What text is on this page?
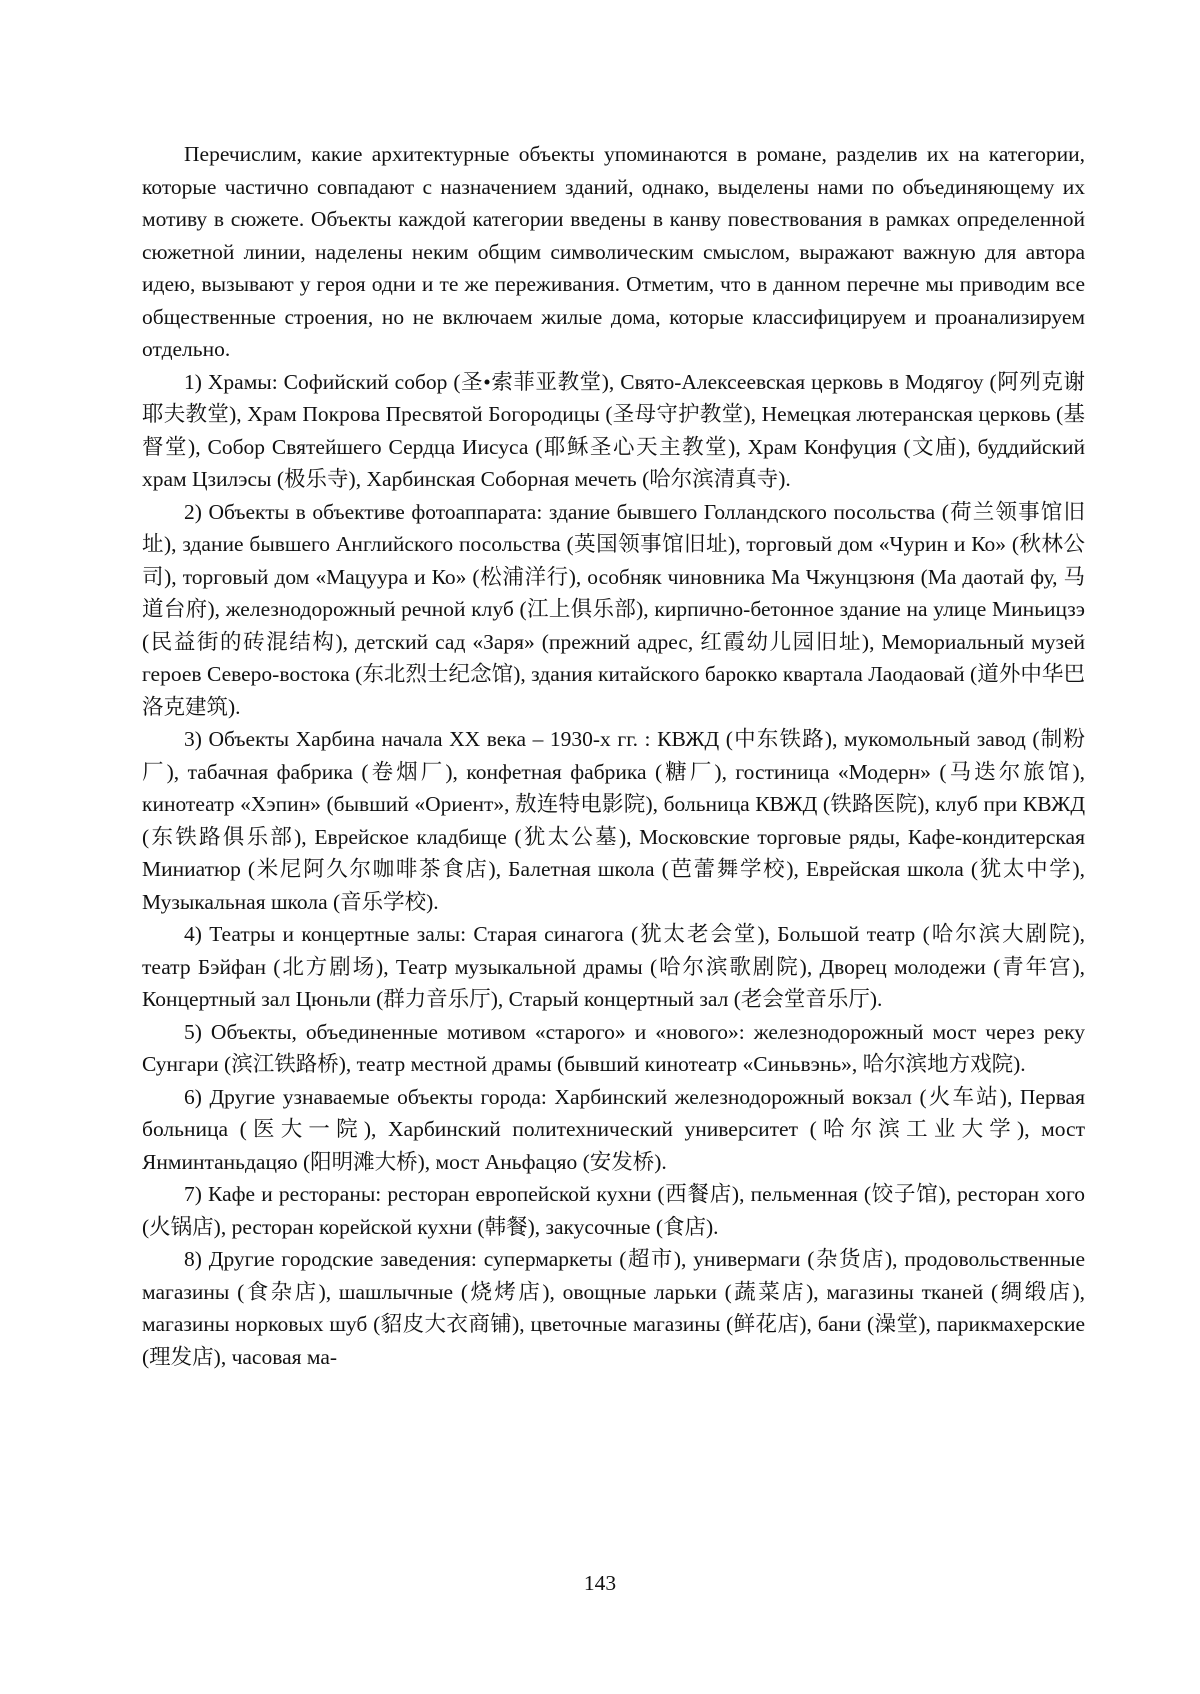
Перечислим, какие архитектурные объекты упоминаются в романе, разделив их на категории, которые частично совпадают с назначением зданий, однако, выделены нами по объединяющему их мотиву в сюжете. Объекты каждой категории введены в канву повествования в рамках определенной сюжетной линии, наделены неким общим символическим смыслом, выражают важную для автора идею, вызывают у героя одни и те же переживания. Отметим, что в данном перечне мы приводим все общественные строения, но не включаем жилые дома, которые классифицируем и проанализируем отдельно.

1) Храмы: Софийский собор (圣•索菲亚教堂), Свято-Алексеевская церковь в Модягоу (阿列克谢耶夫教堂), Храм Покрова Пресвятой Богородицы (圣母守护教堂), Немецкая лютеранская церковь (基督堂), Собор Святейшего Сердца Иисуса (耶稣圣心天主教堂), Храм Конфуция (文庙), буддийский храм Цзилэсы (极乐寺), Харбинская Соборная мечеть (哈尔滨清真寺).

2) Объекты в объективе фотоаппарата: здание бывшего Голландского посольства (荷兰领事馆旧址), здание бывшего Английского посольства (英国领事馆旧址), торговый дом «Чурин и Ко» (秋林公司), торговый дом «Мацуура и Ко» (松浦洋行), особняк чиновника Ма Чжунцзюня (Ма даотай фу, 马道台府), железнодорожный речной клуб (江上俱乐部), кирпично-бетонное здание на улице Миньицзэ (民益街的砖混结构), детский сад «Заря» (прежний адрес, 红霞幼儿园旧址), Мемориальный музей героев Северо-востока (东北烈士纪念馆), здания китайского барокко квартала Лаодаовай (道外中华巴洛克建筑).

3) Объекты Харбина начала XX века – 1930-х гг. : КВЖД (中东铁路), мукомольный завод (制粉厂), табачная фабрика (卷烟厂), конфетная фабрика (糖厂), гостиница «Модерн» (马迭尔旅馆), кинотеатр «Хэпин» (бывший «Ориент», 敖连特电影院), больница КВЖД (铁路医院), клуб при КВЖД (东铁路俱乐部), Еврейское кладбище (犹太公墓), Московские торговые ряды, Кафе-кондитерская Миниатюр (米尼阿久尔咖啡茶食店), Балетная школа (芭蕾舞学校), Еврейская школа (犹太中学), Музыкальная школа (音乐学校).

4) Театры и концертные залы: Старая синагога (犹太老会堂), Большой театр (哈尔滨大剧院), театр Бэйфан (北方剧场), Театр музыкальной драмы (哈尔滨歌剧院), Дворец молодежи (青年宫), Концертный зал Цюньли (群力音乐厅), Старый концертный зал (老会堂音乐厅).

5) Объекты, объединенные мотивом «старого» и «нового»: железнодорожный мост через реку Сунгари (滨江铁路桥), театр местной драмы (бывший кинотеатр «Синьвэнь», 哈尔滨地方戏院).

6) Другие узнаваемые объекты города: Харбинский железнодорожный вокзал (火车站), Первая больница (医大一院), Харбинский политехнический университет (哈尔滨工业大学), мост Янминтаньдацяо (阳明滩大桥), мост Аньфацяо (安发桥).

7) Кафе и рестораны: ресторан европейской кухни (西餐店), пельменная (饺子馆), ресторан хого (火锅店), ресторан корейской кухни (韩餐), закусочные (食店).

8) Другие городские заведения: супермаркеты (超市), универмаги (杂货店), продовольственные магазины (食杂店), шашлычные (烧烤店), овощные ларьки (蔬菜店), магазины тканей (绸缎店), магазины норковых шуб (貂皮大衣商铺), цветочные магазины (鲜花店), бани (澡堂), парикмахерские (理发店), часовая ма-

143
